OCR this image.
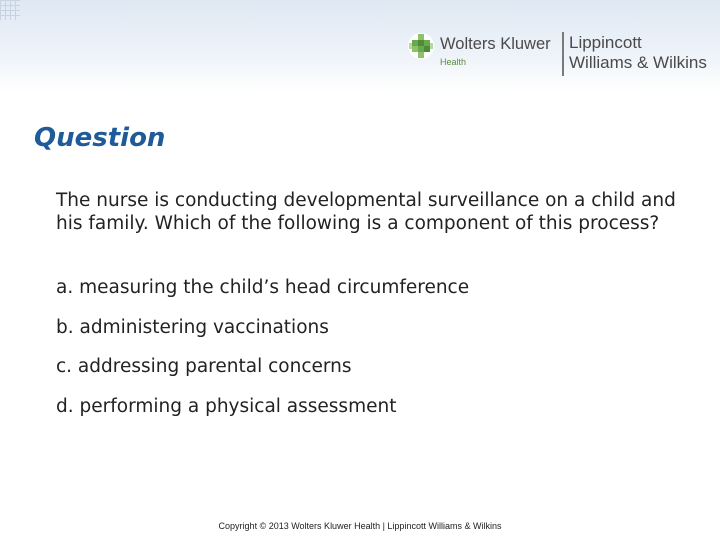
Wolters Kluwer
Health
Lippincott
Williams & Wilkins
Question

The nurse is conducting developmental surveillance on a child and his family. Which of the following is a component of this process?

a. measuring the child’s head circumference

b. administering vaccinations

c. addressing parental concerns

d. performing a physical assessment

Copyright © 2013 Wolters Kluwer Health | Lippincott Williams & Wilkins
